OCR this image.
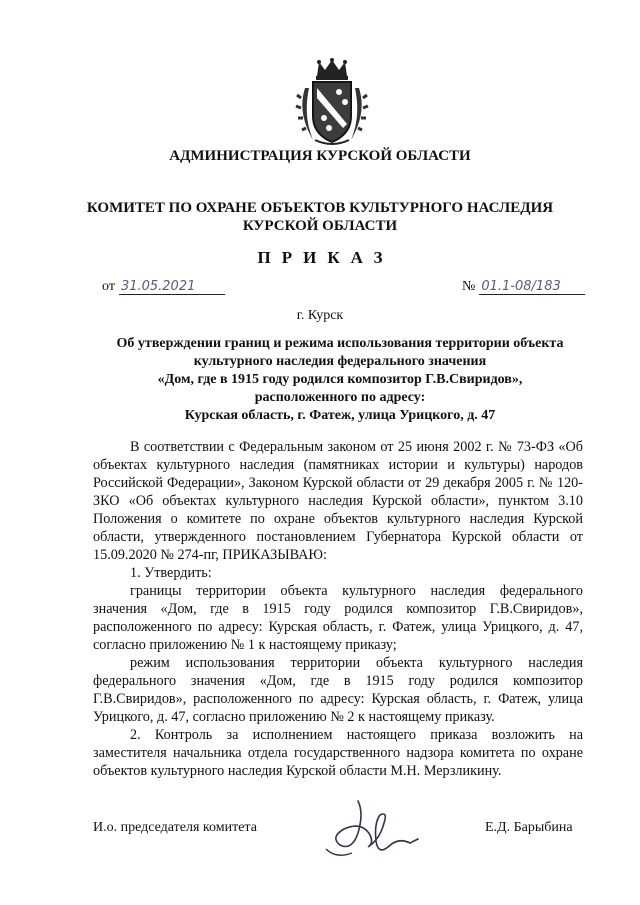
АДМИНИСТРАЦИЯ КУРСКОЙ ОБЛАСТИ
КОМИТЕТ ПО ОХРАНЕ ОБЪЕКТОВ КУЛЬТУРНОГО НАСЛЕДИЯ
КУРСКОЙ ОБЛАСТИ
ПРИКАЗ
от 31.05.2021	№ 01.1-08/183
г. Курск
Об утверждении границ и режима использования территории объекта
культурного наследия федерального значения
«Дом, где в 1915 году родился композитор Г.В.Свиридов»,
расположенного по адресу:
Курская область, г. Фатеж, улица Урицкого, д. 47

В соответствии с Федеральным законом от 25 июня 2002 г. № 73-ФЗ «Об объектах культурного наследия (памятниках истории и культуры) народов Российской Федерации», Законом Курской области от 29 декабря 2005 г. № 120-ЗКО «Об объектах культурного наследия Курской области», пунктом 3.10 Положения о комитете по охране объектов культурного наследия Курской области, утвержденного постановлением Губернатора Курской области от 15.09.2020 № 274-пг, ПРИКАЗЫВАЮ:

1. Утвердить:

границы территории объекта культурного наследия федерального значения «Дом, где в 1915 году родился композитор Г.В.Свиридов», расположенного по адресу: Курская область, г. Фатеж, улица Урицкого, д. 47, согласно приложению № 1 к настоящему приказу;

режим использования территории объекта культурного наследия федерального значения «Дом, где в 1915 году родился композитор Г.В.Свиридов», расположенного по адресу: Курская область, г. Фатеж, улица Урицкого, д. 47, согласно приложению № 2 к настоящему приказу.

2. Контроль за исполнением настоящего приказа возложить на заместителя начальника отдела государственного надзора комитета по охране объектов культурного наследия Курской области М.Н. Мерзликину.

И.о. председателя комитета	Е.Д. Барыбина
